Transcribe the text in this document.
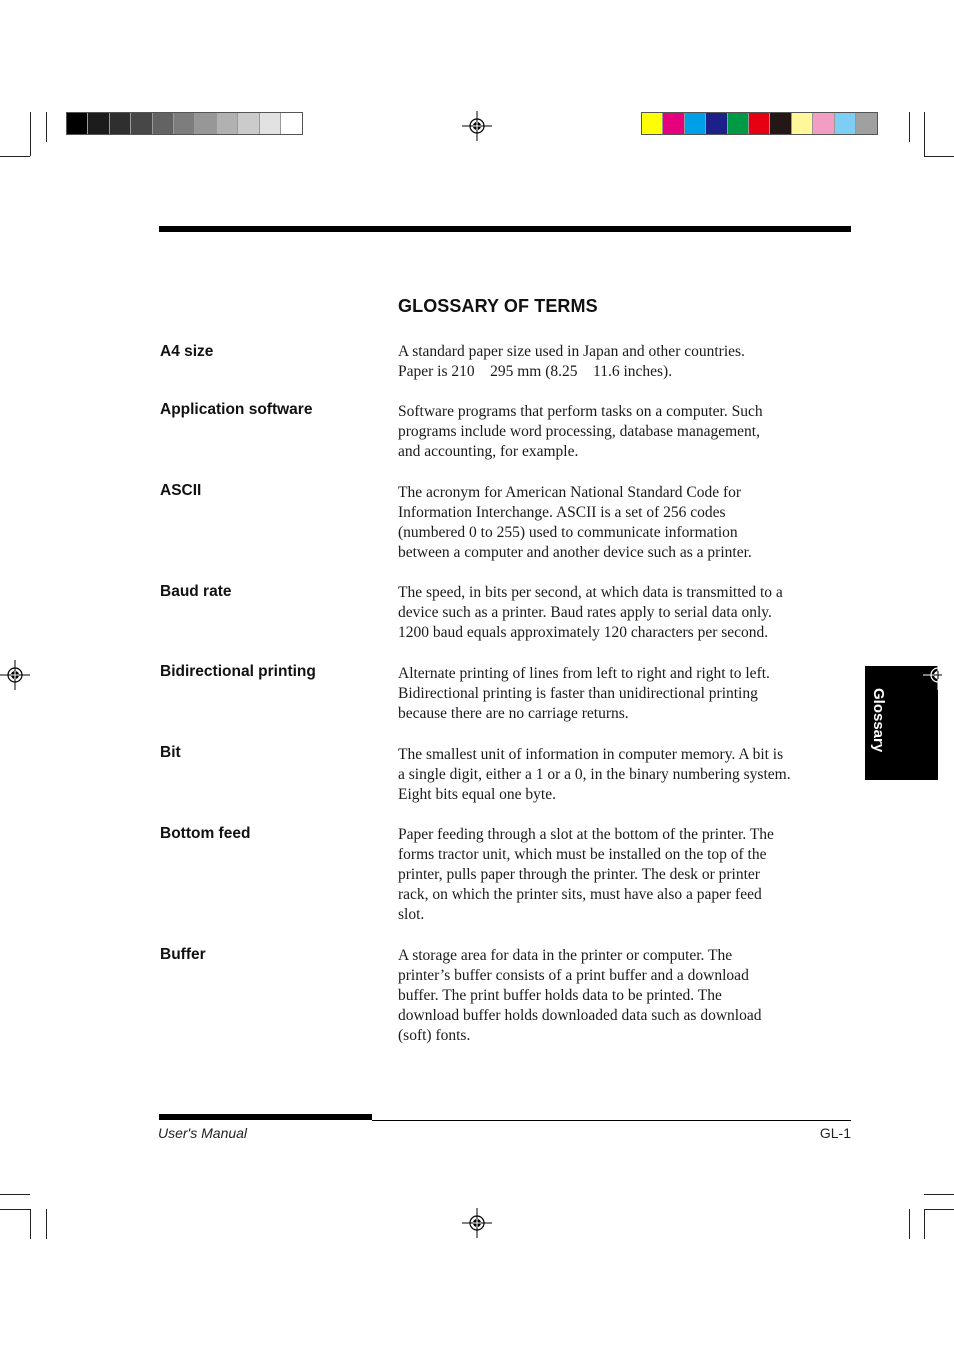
GLOSSARY OF TERMS
A4 size	A standard paper size used in Japan and other countries.
Paper is 210    295 mm (8.25    11.6 inches).
Application software	Software programs that perform tasks on a computer. Such
programs include word processing, database management,
and accounting, for example.
ASCII	The acronym for American National Standard Code for
Information Interchange. ASCII is a set of 256 codes
(numbered 0 to 255) used to communicate information
between a computer and another device such as a printer.
Baud rate	The speed, in bits per second, at which data is transmitted to a
device such as a printer. Baud rates apply to serial data only.
1200 baud equals approximately 120 characters per second.
Bidirectional printing	Alternate printing of lines from left to right and right to left.
Bidirectional printing is faster than unidirectional printing
because there are no carriage returns.
Bit	The smallest unit of information in computer memory. A bit is
a single digit, either a 1 or a 0, in the binary numbering system.
Eight bits equal one byte.
Bottom feed	Paper feeding through a slot at the bottom of the printer. The
forms tractor unit, which must be installed on the top of the
printer, pulls paper through the printer. The desk or printer
rack, on which the printer sits, must have also a paper feed
slot.
Buffer	A storage area for data in the printer or computer. The
printer’s buffer consists of a print buffer and a download
buffer. The print buffer holds data to be printed. The
download buffer holds downloaded data such as download
(soft) fonts.
Glossary
User's Manual	GL-1
